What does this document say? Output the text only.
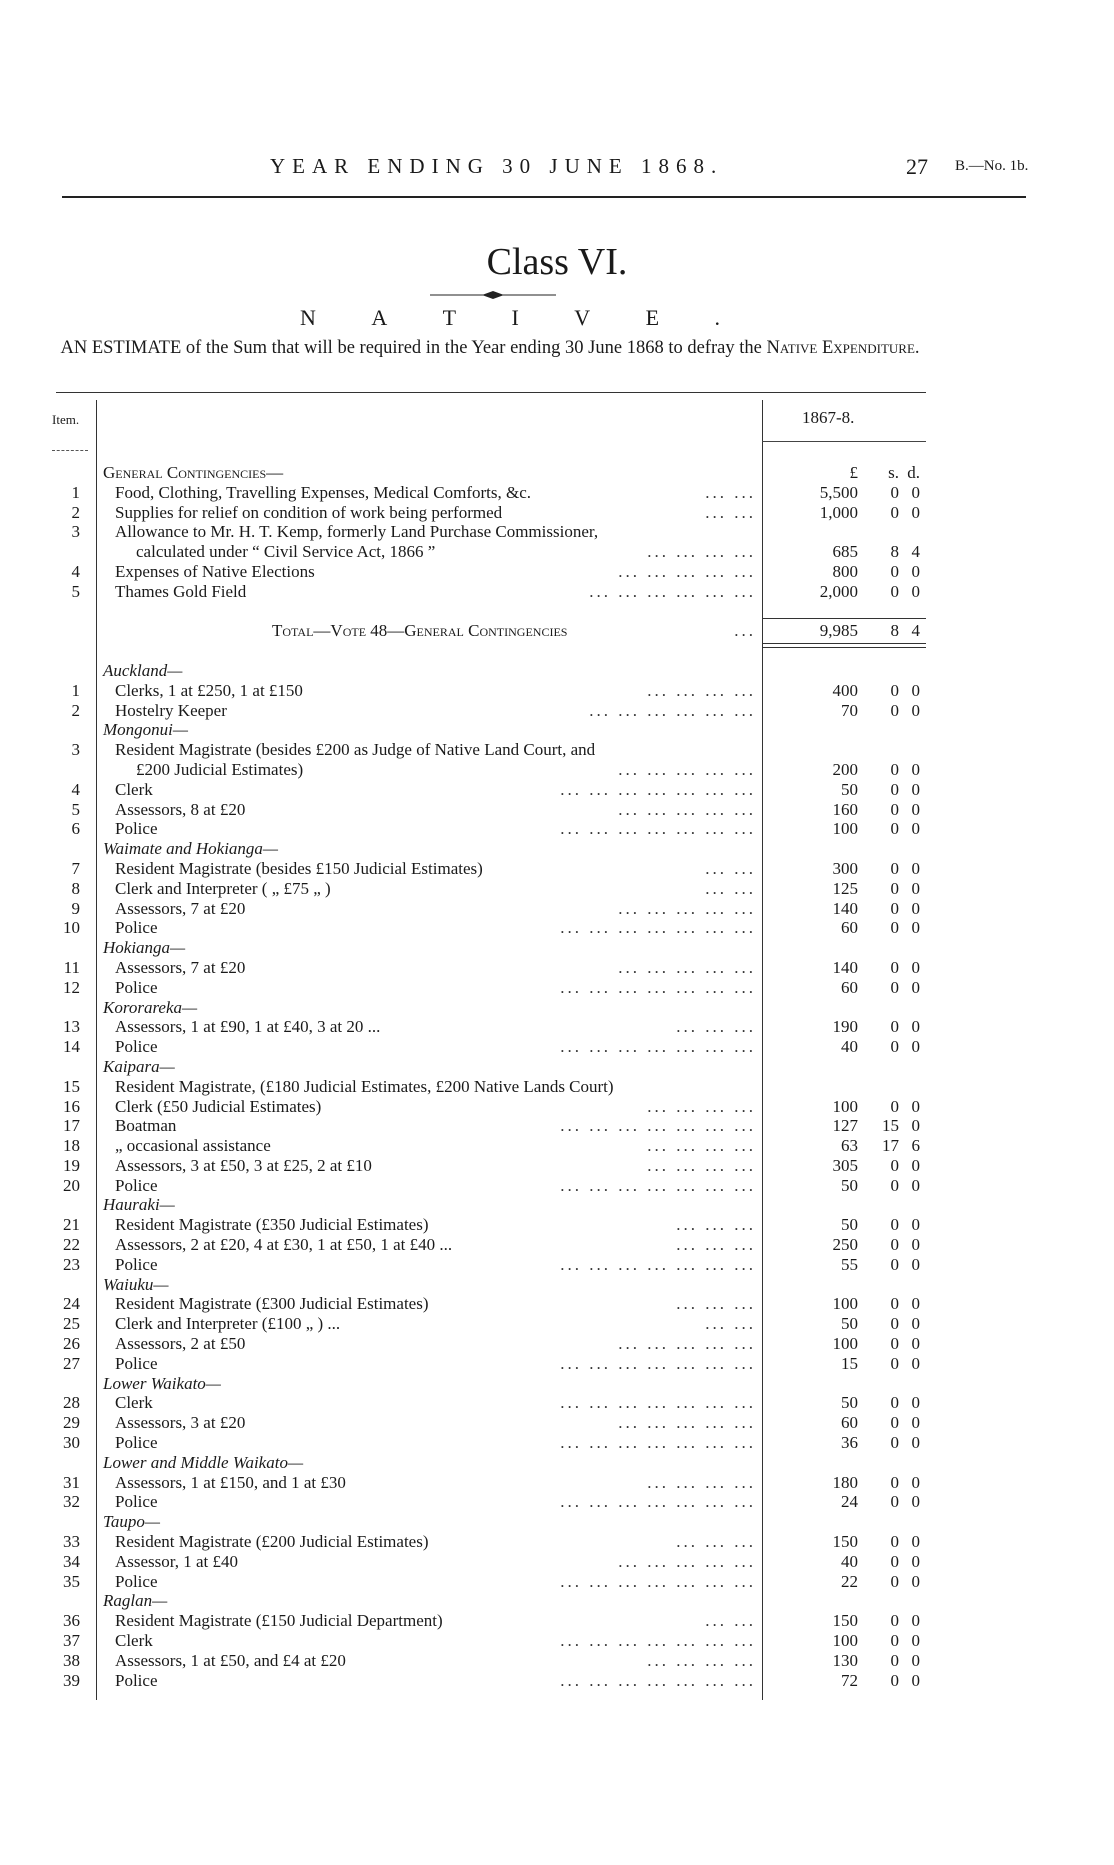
YEAR ENDING 30 JUNE 1868.	27 B.—No. 1b.
Class VI.
N	A	T	I	V	E	.
AN ESTIMATE of the Sum that will be required in the Year ending 30 June 1868 to defray the Native Expenditure.
Item.	1867-8.
General Contingencies—	£	s. d.
1 Food, Clothing, Travelling Expenses, Medical Comforts, &c.	... ...	5,500	0 0
2 Supplies for relief on condition of work being performed	... ...	1,000	0 0
3 Allowance to Mr. H. T. Kemp, formerly Land Purchase Commissioner,
calculated under “ Civil Service Act, 1866 ”	... ... ... ...	685	8 4
4 Expenses of Native Elections	... ... ... ... ...	800	0 0
5 Thames Gold Field	... ... ... ... ... ...	2,000	0 0
Total—Vote 48—General Contingencies	...	9,985	8 4
Auckland—
1 Clerks, 1 at £250, 1 at £150	... ... ... ...	400	0 0
2 Hostelry Keeper	... ... ... ... ... ...	70	0 0
Mongonui—
3 Resident Magistrate (besides £200 as Judge of Native Land Court, and
£200 Judicial Estimates)	... ... ... ... ...	200	0 0
4 Clerk	... ... ... ... ... ... ...	50	0 0
5 Assessors, 8 at £20	... ... ... ... ...	160	0 0
6 Police	... ... ... ... ... ... ...	100	0 0
Waimate and Hokianga—
7 Resident Magistrate (besides £150 Judicial Estimates)	... ...	300	0 0
8 Clerk and Interpreter ( „ £75 „ )	... ...	125	0 0
9 Assessors, 7 at £20	... ... ... ... ...	140	0 0
10 Police	... ... ... ... ... ... ...	60	0 0
Hokianga—
11 Assessors, 7 at £20	... ... ... ... ...	140	0 0
12 Police	... ... ... ... ... ... ...	60	0 0
Kororareka—
13 Assessors, 1 at £90, 1 at £40, 3 at 20 ...	... ... ...	190	0 0
14 Police	... ... ... ... ... ... ...	40	0 0
Kaipara—
15 Resident Magistrate, (£180 Judicial Estimates, £200 Native Lands Court)
16 Clerk (£50 Judicial Estimates)	... ... ... ...	100	0 0
17 Boatman	... ... ... ... ... ... ...	127	15 0
18 „ occasional assistance	... ... ... ...	63	17 6
19 Assessors, 3 at £50, 3 at £25, 2 at £10	... ... ... ...	305	0 0
20 Police	... ... ... ... ... ... ...	50	0 0
Hauraki—
21 Resident Magistrate (£350 Judicial Estimates)	... ... ...	50	0 0
22 Assessors, 2 at £20, 4 at £30, 1 at £50, 1 at £40 ...	... ... ...	250	0 0
23 Police	... ... ... ... ... ... ...	55	0 0
Waiuku—
24 Resident Magistrate (£300 Judicial Estimates)	... ... ...	100	0 0
25 Clerk and Interpreter (£100 „ ) ...	... ...	50	0 0
26 Assessors, 2 at £50	... ... ... ... ...	100	0 0
27 Police	... ... ... ... ... ... ...	15	0 0
Lower Waikato—
28 Clerk	... ... ... ... ... ... ...	50	0 0
29 Assessors, 3 at £20	... ... ... ... ...	60	0 0
30 Police	... ... ... ... ... ... ...	36	0 0
Lower and Middle Waikato—
31 Assessors, 1 at £150, and 1 at £30	... ... ... ...	180	0 0
32 Police	... ... ... ... ... ... ...	24	0 0
Taupo—
33 Resident Magistrate (£200 Judicial Estimates)	... ... ...	150	0 0
34 Assessor, 1 at £40	... ... ... ... ...	40	0 0
35 Police	... ... ... ... ... ... ...	22	0 0
Raglan—
36 Resident Magistrate (£150 Judicial Department)	... ...	150	0 0
37 Clerk	... ... ... ... ... ... ...	100	0 0
38 Assessors, 1 at £50, and £4 at £20	... ... ... ...	130	0 0
39 Police	... ... ... ... ... ... ...	72	0 0
